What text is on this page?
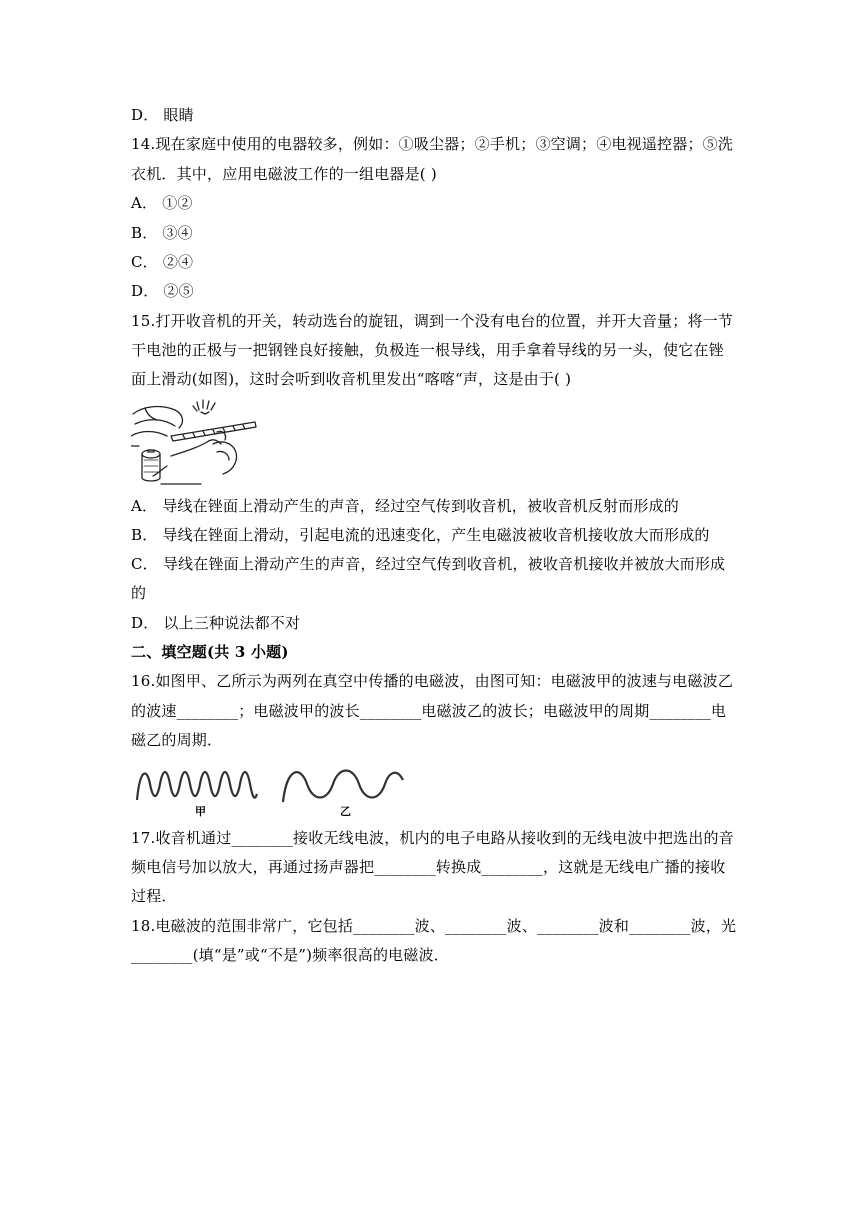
D． 眼睛
14.现在家庭中使用的电器较多，例如：①吸尘器；②手机；③空调；④电视遥控器；⑤洗
衣机．其中，应用电磁波工作的一组电器是( )
A． ①②
B． ③④
C． ②④
D． ②⑤
15.打开收音机的开关，转动选台的旋钮，调到一个没有电台的位置，并开大音量；将一节
干电池的正极与一把钢锉良好接触，负极连一根导线，用手拿着导线的另一头，使它在锉
面上滑动(如图)，这时会听到收音机里发出“喀喀“声，这是由于( )
A． 导线在锉面上滑动产生的声音，经过空气传到收音机，被收音机反射而形成的
B． 导线在锉面上滑动，引起电流的迅速变化，产生电磁波被收音机接收放大而形成的
C． 导线在锉面上滑动产生的声音，经过空气传到收音机，被收音机接收并被放大而形成
的
D． 以上三种说法都不对
二、填空题(共 3 小题)
16.如图甲、乙所示为两列在真空中传播的电磁波，由图可知：电磁波甲的波速与电磁波乙
的波速________；电磁波甲的波长________电磁波乙的波长；电磁波甲的周期________电
磁乙的周期．
甲	乙
17.收音机通过________接收无线电波，机内的电子电路从接收到的无线电波中把选出的音
频电信号加以放大，再通过扬声器把________转换成________，这就是无线电广播的接收
过程．
18.电磁波的范围非常广，它包括________波、________波、________波和________波，光
________(填“是”或“不是”)频率很高的电磁波．
